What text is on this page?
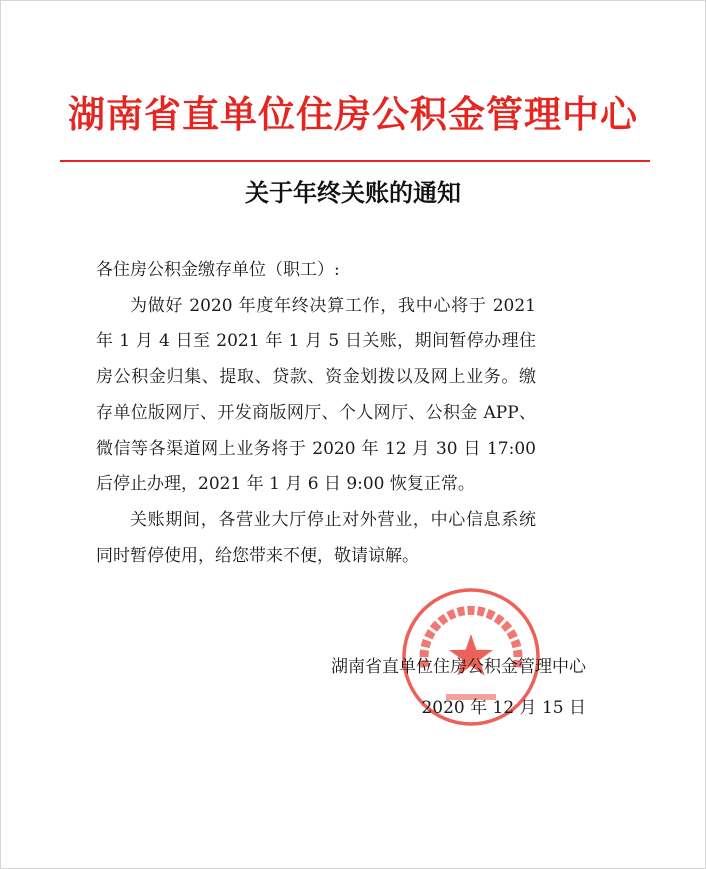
湖南省直单位住房公积金管理中心
关于年终关账的通知

各住房公积金缴存单位（职工）:

为做好 2020 年度年终决算工作，我中心将于 2021 年 1 月 4 日至 2021 年 1 月 5 日关账，期间暂停办理住房公积金归集、提取、贷款、资金划拨以及网上业务。缴存单位版网厅、开发商版网厅、个人网厅、公积金 APP、微信等各渠道网上业务将于 2020 年 12 月 30 日 17:00 后停止办理，2021 年 1 月 6 日 9:00 恢复正常。

关账期间，各营业大厅停止对外营业，中心信息系统同时暂停使用，给您带来不便，敬请谅解。

湖南省直单位住房公积金管理中心
2020 年 12 月 15 日
